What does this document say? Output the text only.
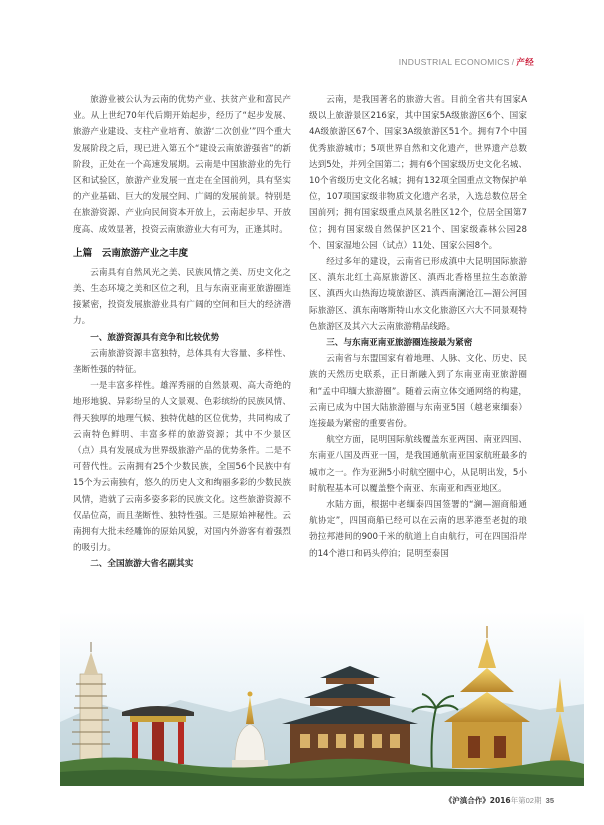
INDUSTRIAL ECONOMICS / 产经

旅游业被公认为云南的优势产业、扶贫产业和富民产业。从上世纪70年代后期开始起步，经历了“起步发展、旅游产业建设、支柱产业培育、旅游‘二次创业’”四个重大发展阶段之后，现已进入第五个“建设云南旅游强省”的新阶段，正处在一个高速发展期。云南是中国旅游业的先行区和试验区，旅游产业发展一直走在全国前列，具有坚实的产业基础、巨大的发展空间、广阔的发展前景。特别是在旅游资源、产业向民间资本开放上，云南起步早、开放度高、成效显著，投资云南旅游业大有可为，正逢其时。

上篇　云南旅游产业之丰度

云南具有自然风光之美、民族风情之美、历史文化之美、生态环境之美和区位之利，且与东南亚南亚旅游圈连接紧密，投资发展旅游业具有广阔的空间和巨大的经济潜力。

一、旅游资源具有竞争和比较优势

云南旅游资源丰富独特，总体具有大容量、多样性、垄断性强的特征。

一是丰富多样性。雄浑秀丽的自然景观、高大奇绝的地形地貌、异彩纷呈的人文景观、色彩缤纷的民族风情、得天独厚的地理气候、独特优越的区位优势，共同构成了云南特色鲜明、丰富多样的旅游资源；其中不少景区（点）具有发展成为世界级旅游产品的优势条件。二是不可替代性。云南拥有25个少数民族，全国56个民族中有15个为云南独有，悠久的历史人文和绚丽多彩的少数民族风情，造就了云南多姿多彩的民族文化。这些旅游资源不仅品位高，而且垄断性、独特性强。三是原始神秘性。云南拥有大批未经雕饰的原始风貌，对国内外游客有着强烈的吸引力。

二、全国旅游大省名副其实

云南，是我国著名的旅游大省。目前全省共有国家A级以上旅游景区216家，其中国家5A级旅游区6个、国家4A级旅游区67个、国家3A级旅游区51个。拥有7个中国优秀旅游城市；5项世界自然和文化遗产，世界遗产总数达到5处，并列全国第二；拥有6个国家级历史文化名城、10个省级历史文化名城；拥有132项全国重点文物保护单位，107项国家级非物质文化遗产名录，入选总数位居全国前列；拥有国家级重点风景名胜区12个，位居全国第7位；拥有国家级自然保护区21个、国家级森林公园28个、国家湿地公园（试点）11处、国家公园8个。

经过多年的建设，云南省已形成滇中大昆明国际旅游区、滇东北红土高原旅游区、滇西北香格里拉生态旅游区、滇西火山热海边境旅游区、滇西南澜沧江—湄公河国际旅游区、滇东南喀斯特山水文化旅游区六大不同景观特色旅游区及其六大云南旅游精品线路。

三、与东南亚南亚旅游圈连接最为紧密

云南省与东盟国家有着地理、人脉、文化、历史、民族的天然历史联系，正日渐融入到了东南亚南亚旅游圈和“孟中印缅大旅游圈”。随着云南立体交通网络的构建，云南已成为中国大陆旅游圈与东南亚5国（越老柬缅泰）连接最为紧密的重要省份。

航空方面，昆明国际航线覆盖东亚两国、南亚四国、东南亚八国及西亚一国，是我国通航南亚国家航班最多的城市之一。作为亚洲5小时航空圈中心，从昆明出发，5小时航程基本可以覆盖整个南亚、东南亚和西亚地区。

水陆方面，根据中老缅泰四国签署的“澜—湄商船通航协定”，四国商船已经可以在云南的思茅港至老挝的琅勃拉邦港间的900千米的航道上自由航行，可在四国沿岸的14个港口和码头停泊；昆明至泰国

《沪滇合作》2016年第02期 35
